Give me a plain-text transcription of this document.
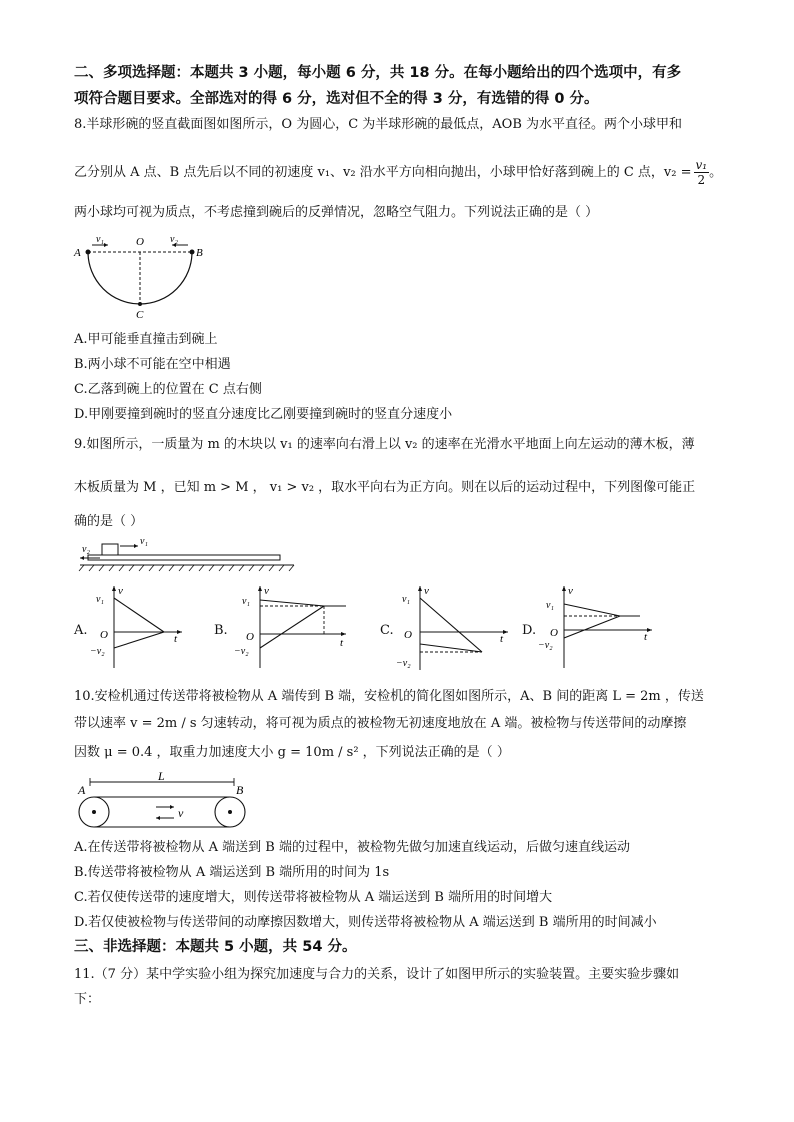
二、多项选择题：本题共 3 小题，每小题 6 分，共 18 分。在每小题给出的四个选项中，有多
项符合题目要求。全部选对的得 6 分，选对但不全的得 3 分，有选错的得 0 分。
8.半球形碗的竖直截面图如图所示，O 为圆心，C 为半球形碗的最低点，AOB 为水平直径。两个小球甲和
乙分别从 A 点、B 点先后以不同的初速度 v₁、v₂ 沿水平方向相向抛出，小球甲恰好落到碗上的 C 点，$v_2 = \frac{\text{v₁}}{2}$ 。
两小球均可视为质点，不考虑撞到碗后的反弹情况，忽略空气阻力。下列说法正确的是（ ）
A	B
O
C
v₁	v₂
A.甲可能垂直撞击到碗上
B.两小球不可能在空中相遇
C.乙落到碗上的位置在 C 点右侧
D.甲刚要撞到碗时的竖直分速度比乙刚要撞到碗时的竖直分速度小
9.如图所示，一质量为 m 的木块以 v₁ 的速率向右滑上以 v₂ 的速率在光滑水平地面上向左运动的薄木板，薄
木板质量为 M ，已知 m > M ， v₁ > v₂ ，取水平向右为正方向。则在以后的运动过程中，下列图像可能正
确的是（ ）
v₁
v₂
A.
v₁
v
t
O
−v₂
B.
v₁
v
t
O
−v₂
C.
v₁
v
t
O
−v₂
D.
v₁
v
t
O
−v₂
10.安检机通过传送带将被检物从 A 端传到 B 端，安检机的简化图如图所示，A、B 间的距离 L = 2m ，传送
带以速率 v = 2m / s 匀速转动，将可视为质点的被检物无初速度地放在 A 端。被检物与传送带间的动摩擦
因数 μ = 0.4 ，取重力加速度大小 g = 10m / s² ，下列说法正确的是（ ）
A	B
L
v
A.在传送带将被检物从 A 端送到 B 端的过程中，被检物先做匀加速直线运动，后做匀速直线运动
B.传送带将被检物从 A 端运送到 B 端所用的时间为 1s
C.若仅使传送带的速度增大，则传送带将被检物从 A 端运送到 B 端所用的时间增大
D.若仅使被检物与传送带间的动摩擦因数增大，则传送带将被检物从 A 端运送到 B 端所用的时间减小
三、非选择题：本题共 5 小题，共 54 分。
11.（7 分）某中学实验小组为探究加速度与合力的关系，设计了如图甲所示的实验装置。主要实验步骤如
下：
